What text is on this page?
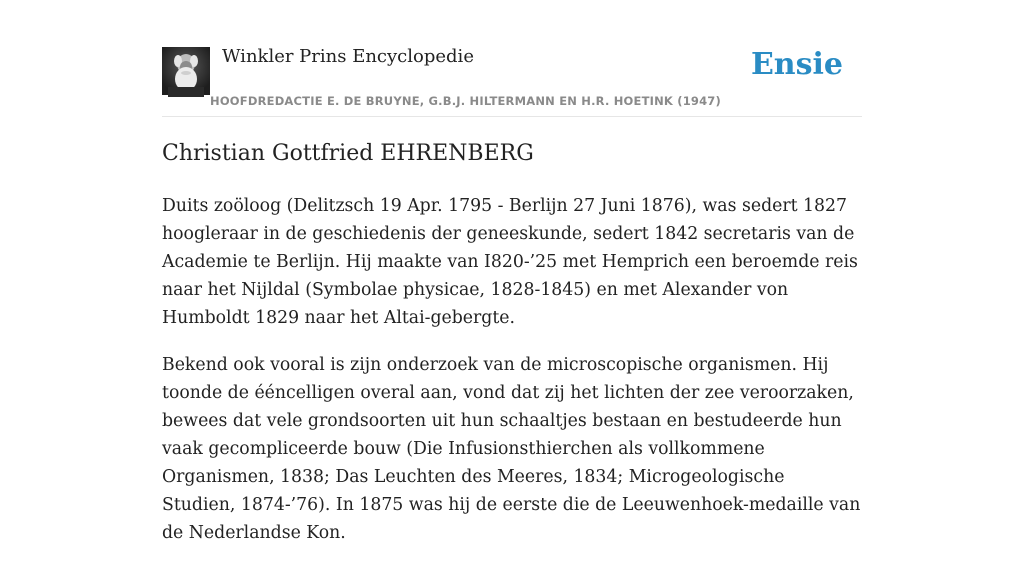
Winkler Prins Encyclopedie
HOOFDREDACTIE E. DE BRUYNE, G.B.J. HILTERMANN EN H.R. HOETINK (1947)
Ensie
Christian Gottfried EHRENBERG

Duits zoöloog (Delitzsch 19 Apr. 1795 - Berlijn 27 Juni 1876), was sedert 1827 hoogleraar in de geschiedenis der geneeskunde, sedert 1842 secretaris van de Academie te Berlijn. Hij maakte van I820-’25 met Hemprich een beroemde reis naar het Nijldal (Symbolae physicae, 1828-1845) en met Alexander von Humboldt 1829 naar het Altai-gebergte.

Bekend ook vooral is zijn onderzoek van de microscopische organismen. Hij toonde de ééncelligen overal aan, vond dat zij het lichten der zee veroorzaken, bewees dat vele grondsoorten uit hun schaaltjes bestaan en bestudeerde hun vaak gecompliceerde bouw (Die Infusionsthierchen als vollkommene Organismen, 1838; Das Leuchten des Meeres, 1834; Microgeologische Studien, 1874-’76). In 1875 was hij de eerste die de Leeuwenhoek-medaille van de Nederlandse Kon.
